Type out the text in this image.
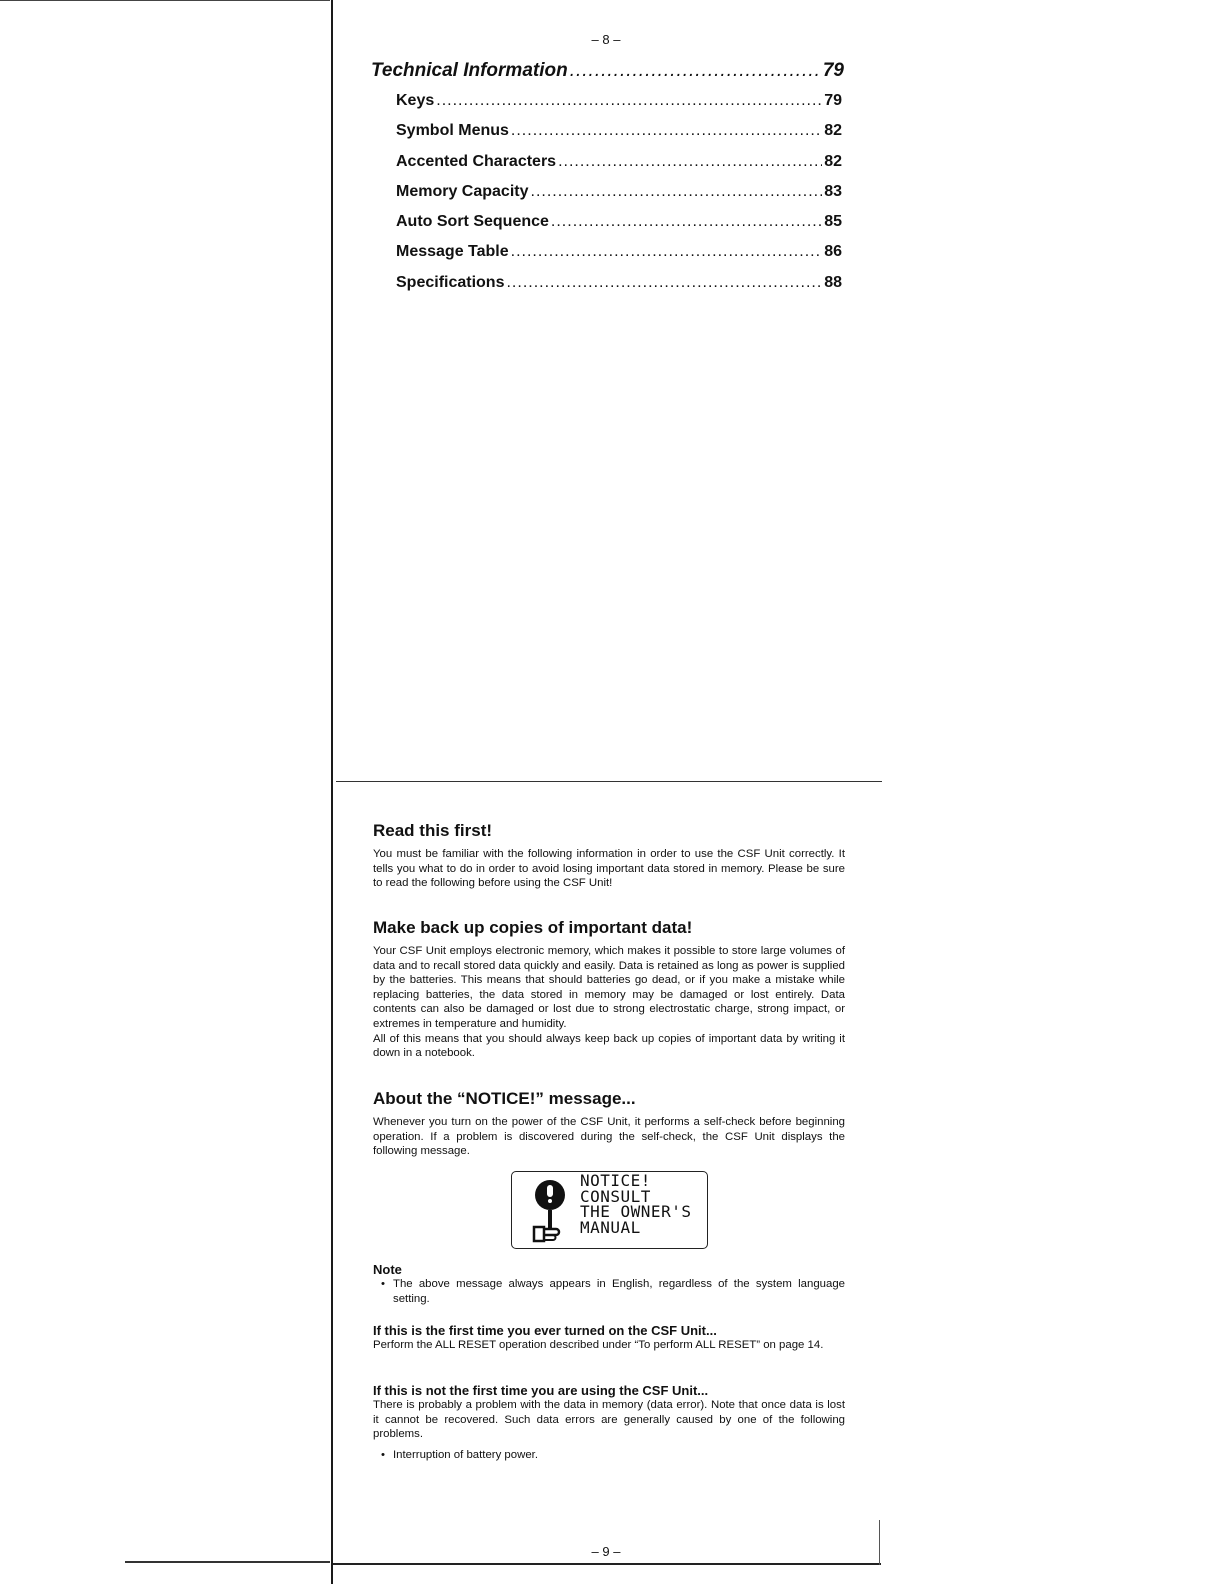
– 8 –
Technical Information .....	79
Keys .....	79
Symbol Menus .....	82
Accented Characters .....	82
Memory Capacity .....	83
Auto Sort Sequence .....	85
Message Table .....	86
Specifications .....	88
Read this first!

You must be familiar with the following information in order to use the CSF Unit correctly. It tells you what to do in order to avoid losing important data stored in memory. Please be sure to read the following before using the CSF Unit!

Make back up copies of important data!

Your CSF Unit employs electronic memory, which makes it possible to store large volumes of data and to recall stored data quickly and easily. Data is retained as long as power is supplied by the batteries. This means that should batteries go dead, or if you make a mistake while replacing batteries, the data stored in memory may be damaged or lost entirely. Data contents can also be damaged or lost due to strong electrostatic charge, strong impact, or extremes in temperature and humidity.

All of this means that you should always keep back up copies of important data by writing it down in a notebook.

About the “NOTICE!” message...

Whenever you turn on the power of the CSF Unit, it performs a self-check before beginning operation. If a problem is discovered during the self-check, the CSF Unit displays the following message.

NOTICE!
CONSULT
THE OWNER'S
MANUAL

Note

• The above message always appears in English, regardless of the system language setting.

If this is the first time you ever turned on the CSF Unit...

Perform the ALL RESET operation described under “To perform ALL RESET” on page 14.

If this is not the first time you are using the CSF Unit...

There is probably a problem with the data in memory (data error). Note that once data is lost it cannot be recovered. Such data errors are generally caused by one of the following problems.

• Interruption of battery power.
– 9 –
